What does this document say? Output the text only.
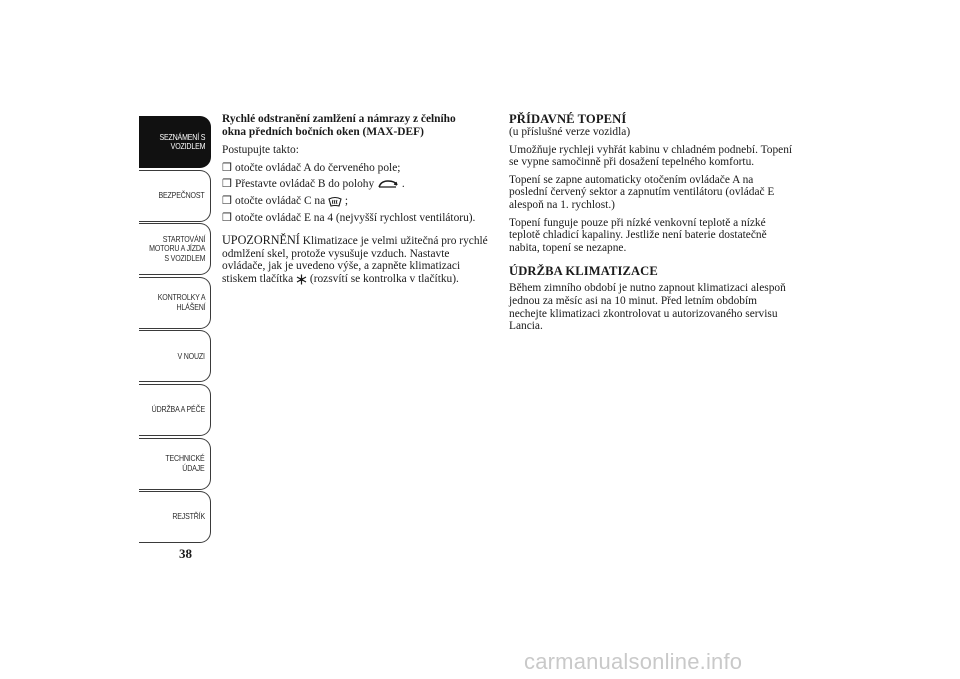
SEZNÁMENÍ S
VOZIDLEM
BEZPEČNOST
STARTOVÁNÍ
MOTORU A JÍZDA
S VOZIDLEM
KONTROLKY A
HLÁŠENÍ
V NOUZI
ÚDRŽBA A PÉČE
TECHNICKÉ
ÚDAJE
REJSTŘÍK
38
Rychlé odstranění zamlžení a námrazy z čelního
okna předních bočních oken (MAX-DEF)

Postupujte takto:

❒ otočte ovládač A do červeného pole;
❒ Přestavte ovládač B do polohy  .
❒ otočte ovládač C na  ;
❒ otočte ovládač E na 4 (nejvyšší rychlost ventilátoru).

UPOZORNĚNÍ Klimatizace je velmi užitečná pro rychlé odmlžení skel, protože vysušuje vzduch. Nastavte ovládače, jak je uvedeno výše, a zapněte klimatizaci stiskem tlačítka  (rozsvítí se kontrolka v tlačítku).

PŘÍDAVNÉ TOPENÍ

(u příslušné verze vozidla)

Umožňuje rychleji vyhřát kabinu v chladném podnebí. Topení se vypne samočinně při dosažení tepelného komfortu.

Topení se zapne automaticky otočením ovládače A na poslední červený sektor a zapnutím ventilátoru (ovládač E alespoň na 1. rychlost.)

Topení funguje pouze při nízké venkovní teplotě a nízké teplotě chladicí kapaliny. Jestliže není baterie dostatečně nabita, topení se nezapne.

ÚDRŽBA KLIMATIZACE

Během zimního období je nutno zapnout klimatizaci alespoň jednou za měsíc asi na 10 minut. Před letním obdobím nechejte klimatizaci zkontrolovat u autorizovaného servisu Lancia.

carmanualsonline.info
